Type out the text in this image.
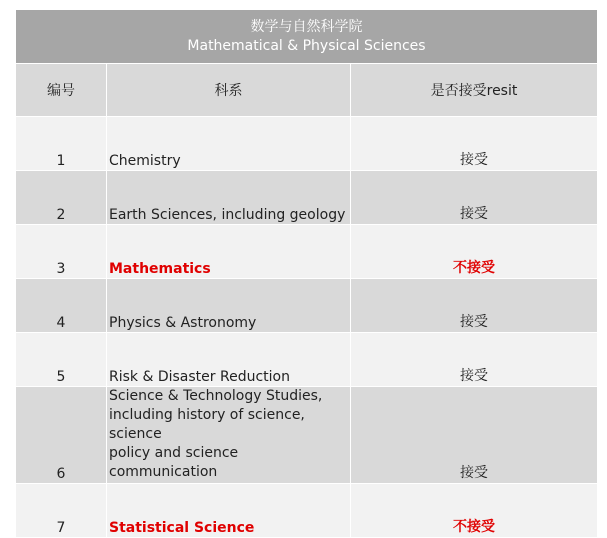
数学与自然科学院
Mathematical & Physical Sciences
编号	科系	是否接受resit
1	Chemistry	接受
2	Earth Sciences, including geology	接受
3	Mathematics	不接受
4	Physics & Astronomy	接受
5	Risk & Disaster Reduction	接受
6	Science & Technology Studies,
including history of science, science
policy and science communication	接受
7	Statistical Science	不接受
